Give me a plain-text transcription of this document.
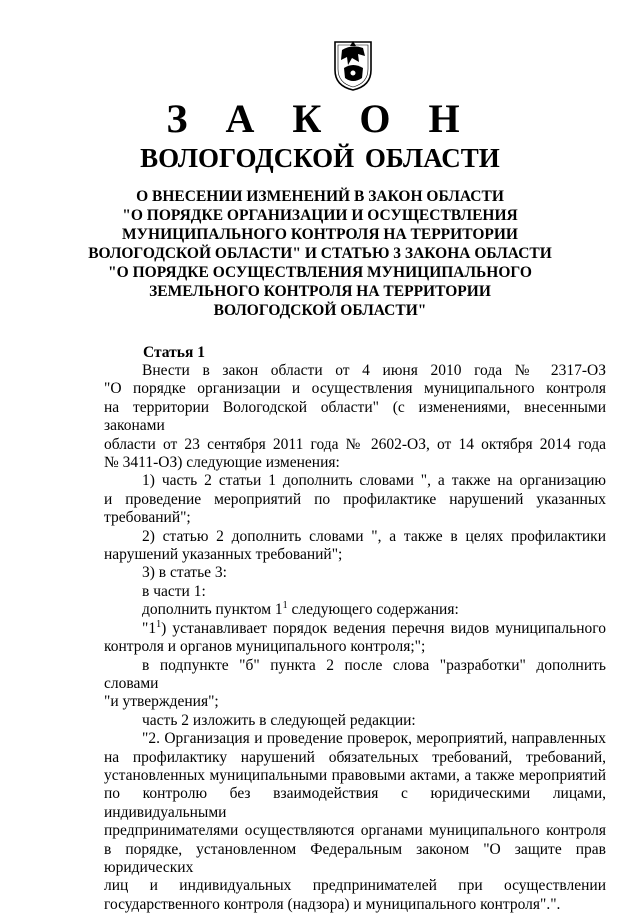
З А К О Н
ВОЛОГОДСКОЙ ОБЛАСТИ
О ВНЕСЕНИИ ИЗМЕНЕНИЙ В ЗАКОН ОБЛАСТИ
"О ПОРЯДКЕ ОРГАНИЗАЦИИ И ОСУЩЕСТВЛЕНИЯ
МУНИЦИПАЛЬНОГО КОНТРОЛЯ НА ТЕРРИТОРИИ
ВОЛОГОДСКОЙ ОБЛАСТИ" И СТАТЬЮ 3 ЗАКОНА ОБЛАСТИ
"О ПОРЯДКЕ ОСУЩЕСТВЛЕНИЯ МУНИЦИПАЛЬНОГО
ЗЕМЕЛЬНОГО КОНТРОЛЯ НА ТЕРРИТОРИИ
ВОЛОГОДСКОЙ ОБЛАСТИ"
Статья 1

Внести в закон области от 4 июня 2010 года № 2317-ОЗ

"О порядке организации и осуществления муниципального контроля

на территории Вологодской области" (с изменениями, внесенными законами

области от 23 сентября 2011 года № 2602-ОЗ, от 14 октября 2014 года

№ 3411-ОЗ) следующие изменения:

1) часть 2 статьи 1 дополнить словами ", а также на организацию

и проведение мероприятий по профилактике нарушений указанных

требований";

2) статью 2 дополнить словами ", а также в целях профилактики

нарушений указанных требований";

3) в статье 3:

в части 1:

дополнить пунктом $1^1$ следующего содержания:

"$1^1$) устанавливает порядок ведения перечня видов муниципального

контроля и органов муниципального контроля;";

в подпункте "б" пункта 2 после слова "разработки" дополнить словами

"и утверждения";

часть 2 изложить в следующей редакции:

"2. Организация и проведение проверок, мероприятий, направленных

на профилактику нарушений обязательных требований, требований,

установленных муниципальными правовыми актами, а также мероприятий

по контролю без взаимодействия с юридическими лицами, индивидуальными

предпринимателями осуществляются органами муниципального контроля

в порядке, установленном Федеральным законом "О защите прав юридических

лиц и индивидуальных предпринимателей при осуществлении

государственного контроля (надзора) и муниципального контроля".".
